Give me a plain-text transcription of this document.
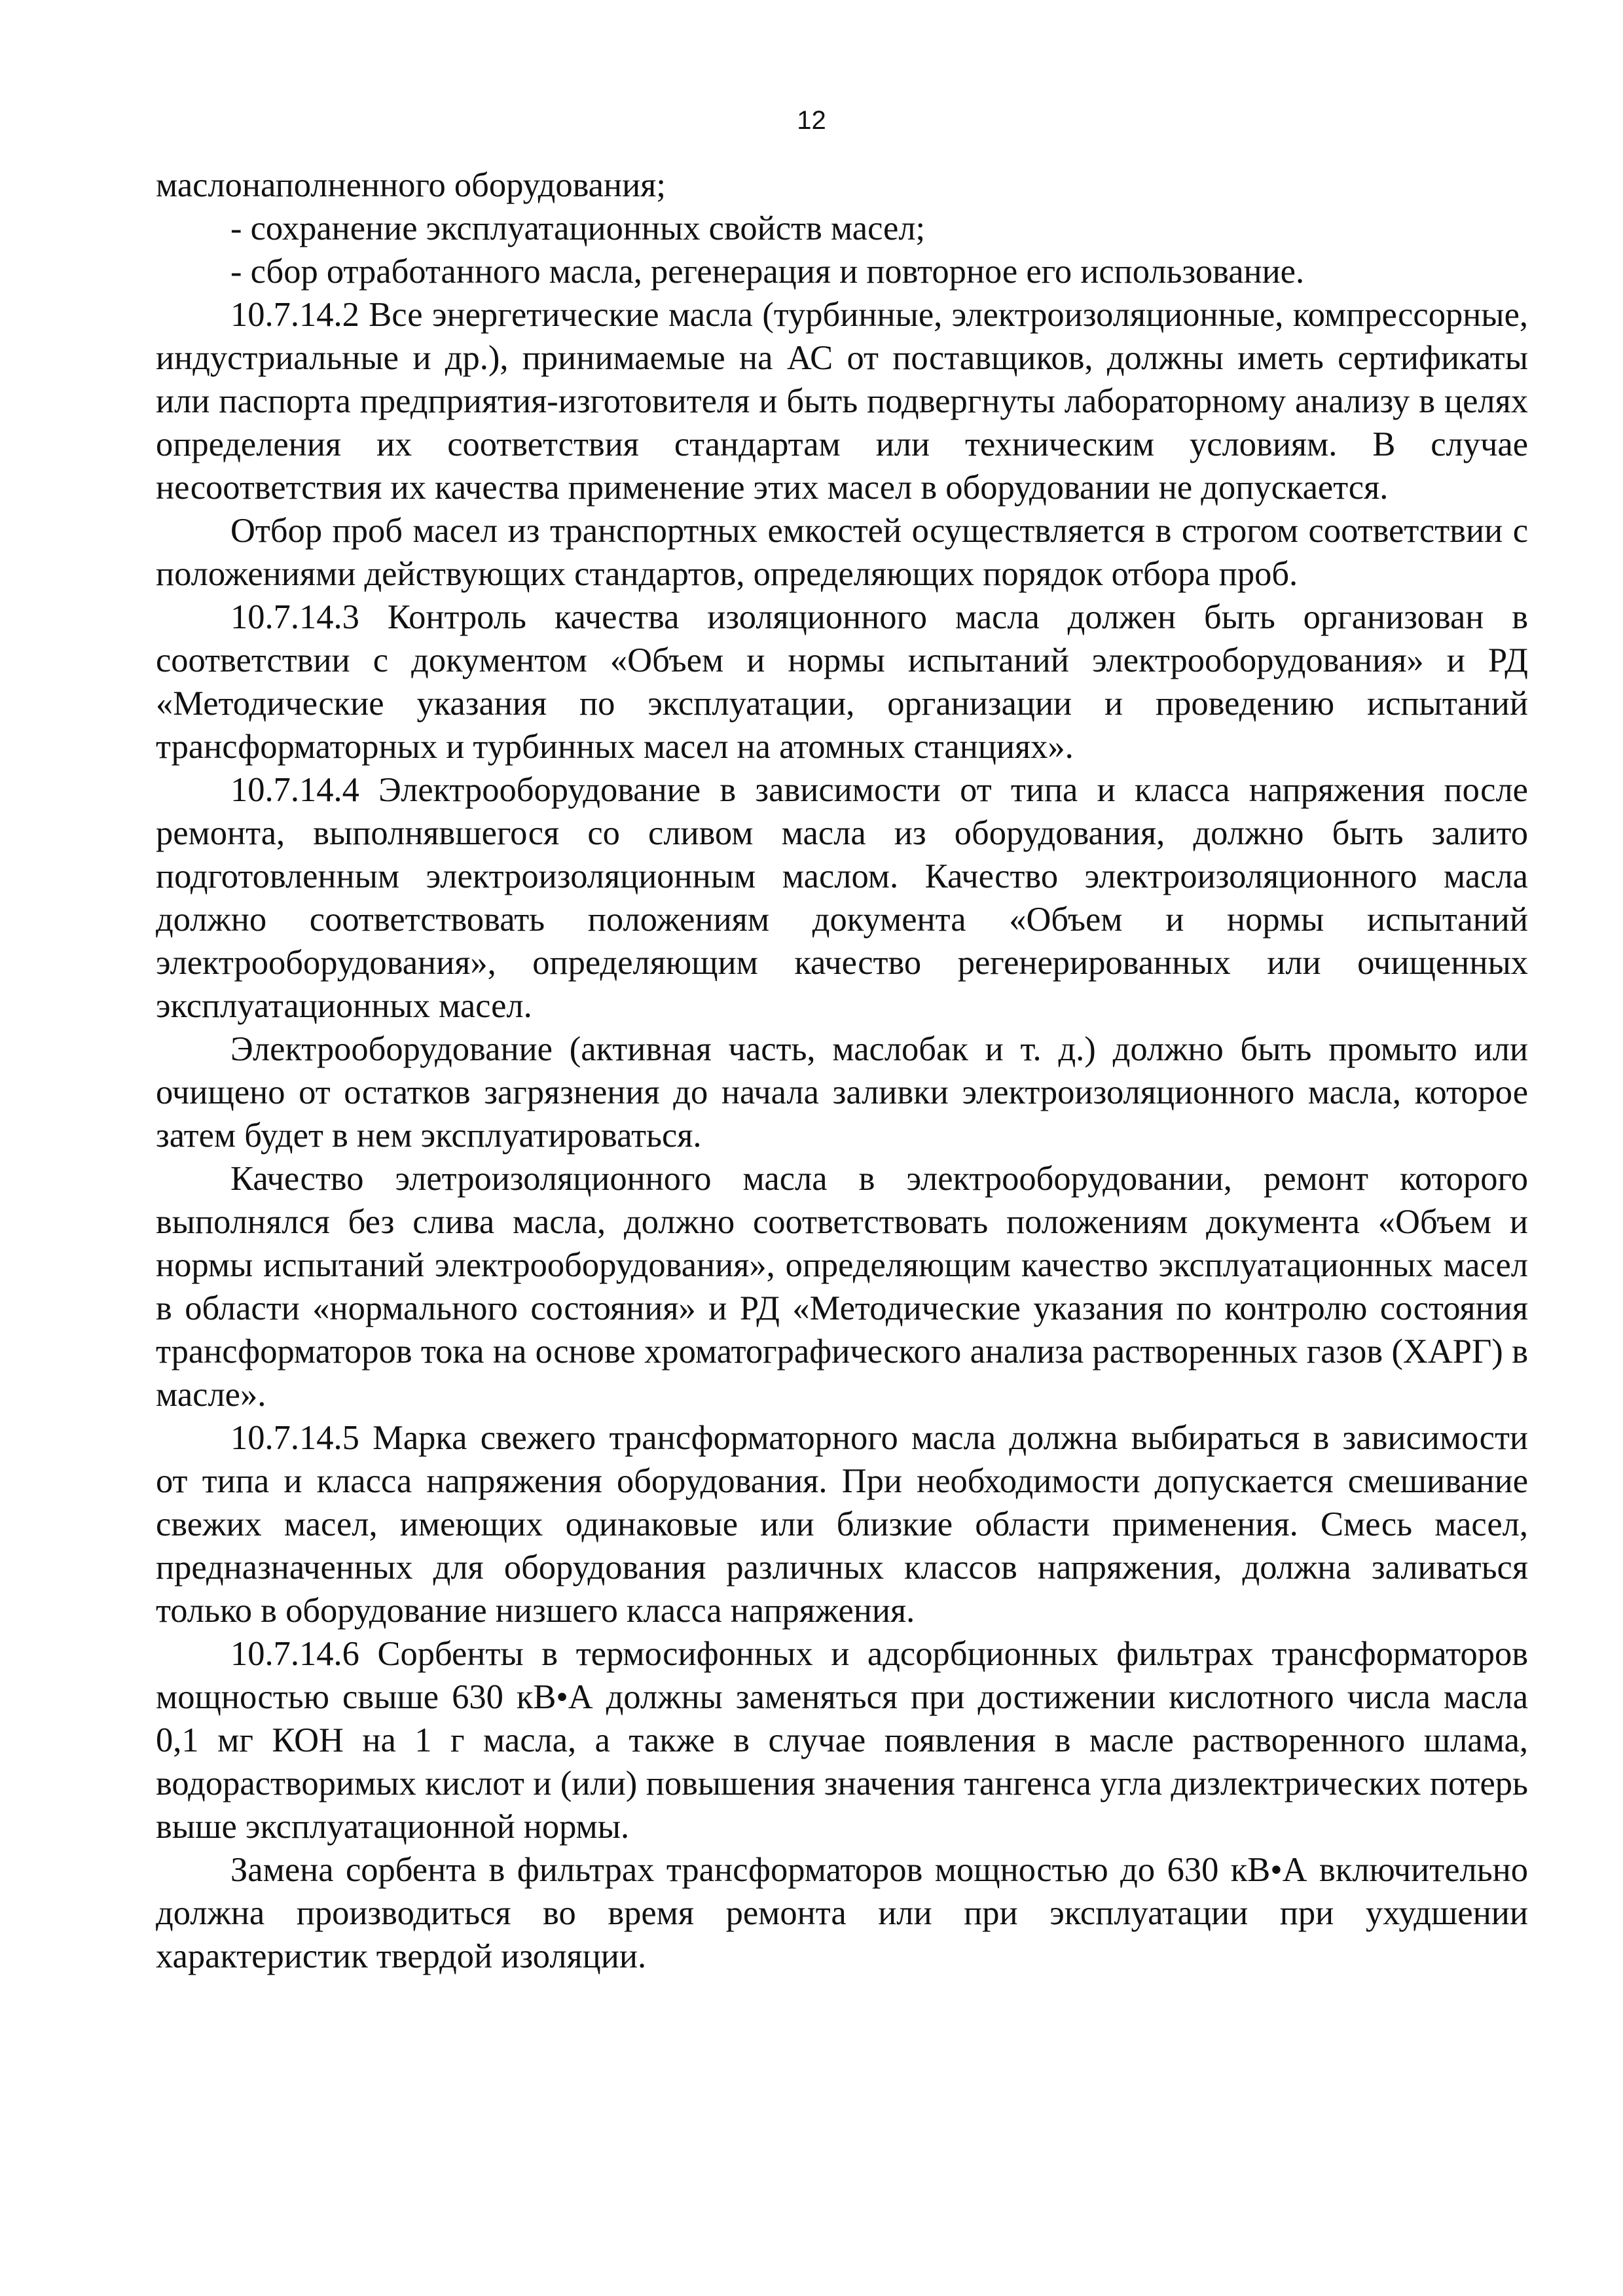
12

маслонаполненного оборудования;

- сохранение эксплуатационных свойств масел;

- сбор отработанного масла, регенерация и повторное его использование.

10.7.14.2 Все энергетические масла (турбинные, электроизоляционные, компрессорные, индустриальные и др.), принимаемые на АС от поставщиков, должны иметь сертификаты или паспорта предприятия-изготовителя и быть подвергнуты лабораторному анализу в целях определения их соответствия стандартам или техническим условиям. В случае несоответствия их качества применение этих масел в оборудовании не допускается.

Отбор проб масел из транспортных емкостей осуществляется в строгом соответствии с положениями действующих стандартов, определяющих порядок отбора проб.

10.7.14.3 Контроль качества изоляционного масла должен быть организован в соответствии с документом «Объем и нормы испытаний электрооборудования» и РД «Методические указания по эксплуатации, организации и проведению испытаний трансформаторных и турбинных масел на атомных станциях».

10.7.14.4 Электрооборудование в зависимости от типа и класса напряжения после ремонта, выполнявшегося со сливом масла из оборудования, должно быть залито подготовленным электроизоляционным маслом. Качество электроизоляционного масла должно соответствовать положениям документа «Объем и нормы испытаний электрооборудования», определяющим качество регенерированных или очищенных эксплуатационных масел.

Электрооборудование (активная часть, маслобак и т. д.) должно быть промыто или очищено от остатков загрязнения до начала заливки электроизоляционного масла, которое затем будет в нем эксплуатироваться.

Качество элетроизоляционного масла в электрооборудовании, ремонт которого выполнялся без слива масла, должно соответствовать положениям документа «Объем и нормы испытаний электрооборудования», определяющим качество эксплуатационных масел в области «нормального состояния» и РД «Методические указания по контролю состояния трансформаторов тока на основе хроматографического анализа растворенных газов (ХАРГ) в масле».

10.7.14.5 Марка свежего трансформаторного масла должна выбираться в зависимости от типа и класса напряжения оборудования. При необходимости допускается смешивание свежих масел, имеющих одинаковые или близкие области применения. Смесь масел, предназначенных для оборудования различных классов напряжения, должна заливаться только в оборудование низшего класса напряжения.

10.7.14.6 Сорбенты в термосифонных и адсорбционных фильтрах трансформаторов мощностью свыше 630 кВ•А должны заменяться при достижении кислотного числа масла 0,1 мг КОН на 1 г масла, а также в случае появления в масле растворенного шлама, водорастворимых кислот и (или) повышения значения тангенса угла дизлектрических потерь выше эксплуатационной нормы.

Замена сорбента в фильтрах трансформаторов мощностью до 630 кВ•А включительно должна производиться во время ремонта или при эксплуатации при ухудшении характеристик твердой изоляции.
